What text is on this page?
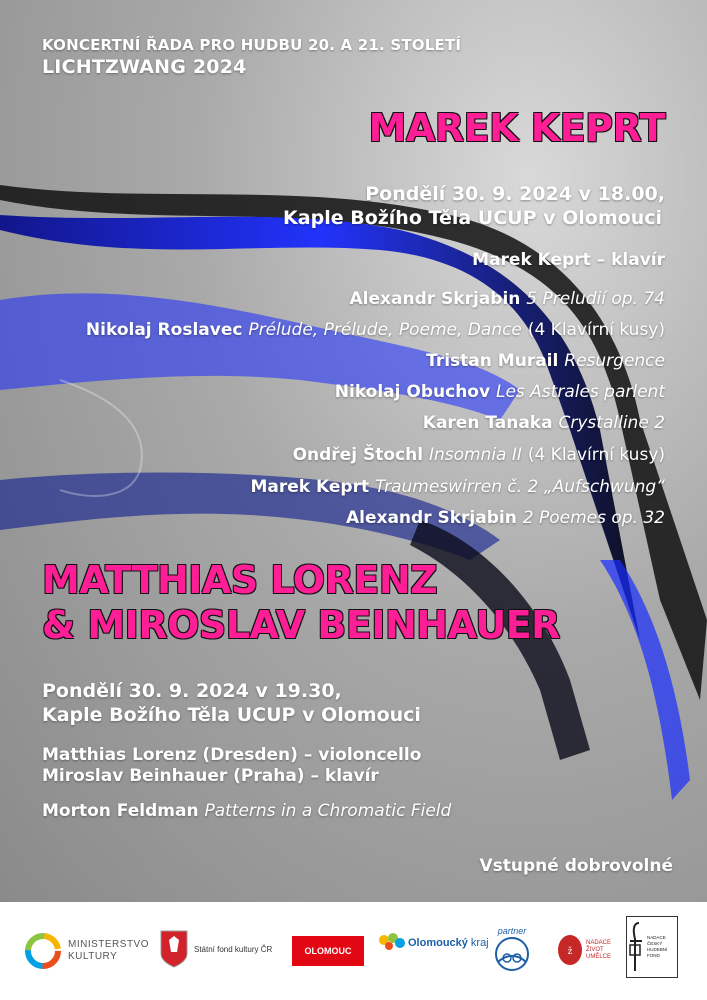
KONCERTNÍ ŘADA PRO HUDBU 20. A 21. STOLETÍ
LICHTZWANG 2024
MAREK KEPRT
Pondělí 30. 9. 2024 v 18.00,
Kaple Božího Těla UCUP v Olomouci
Marek Keprt – klavír
Alexandr Skrjabin 5 Preludií op. 74
Nikolaj Roslavec Prélude, Prélude, Poeme, Dance (4 Klavírní kusy)
Tristan Murail Resurgence
Nikolaj Obuchov Les Astrales parlent
Karen Tanaka Crystalline 2
Ondřej Štochl Insomnia II (4 Klavírní kusy)
Marek Keprt Traumeswirren č. 2 „Aufschwung“
Alexandr Skrjabin 2 Poemes op. 32
MATTHIAS LORENZ
& MIROSLAV BEINHAUER
Pondělí 30. 9. 2024 v 19.30,
Kaple Božího Těla UCUP v Olomouci
Matthias Lorenz (Dresden) – violoncello
Miroslav Beinhauer (Praha) – klavír
Morton Feldman Patterns in a Chromatic Field
Vstupné dobrovolné
MINISTERSTVO
KULTURY
Státní fond kultury ČR	OLOMOUC
Olomoucký kraj
partner
ž
NADACE
ŽIVOT
UMĚLCE
NADACE
ČESKÝ
HUDEBNÍ
FOND
